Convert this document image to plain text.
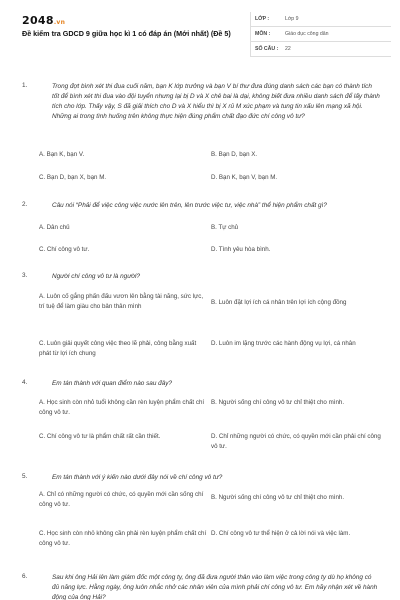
2048.vn
Đề kiểm tra GDCD 9 giữa học kì 1 có đáp án (Mới nhất) (Đề 5)
LỚP :	Lớp 9
MÔN :	Giáo dục công dân
SỐ CÂU :	22
1.	Trong đợt bình xét thi đua cuối năm, bạn K lớp trưởng và bạn V bí thư đưa đúng danh sách các bạn có thành tích tốt để bình xét thi đua vào đội tuyển nhưng lại bị D và X chê bai là dại, không biết đưa nhiều danh sách để lấy thành tích cho lớp. Thấy vậy, S đã giải thích cho D và X hiểu thì bị X rủ M xúc phạm và tung tin xấu lên mạng xã hội. Những ai trong tình huống trên không thực hiện đúng phẩm chất đạo đức chí công vô tư?
A. Bạn K, bạn V.	B. Bạn D, bạn X.
C. Bạn D, bạn X, bạn M.	D. Bạn K, bạn V, bạn M.
2.	Câu nói “Phải để việc công việc nước lên trên, lên trước việc tư, việc nhà” thể hiện phẩm chất gì?
A. Dân chủ	B. Tự chủ
C. Chí công vô tư.	D. Tình yêu hòa bình.
3.	Người chí công vô tư là người?
A. Luôn cố gắng phấn đấu vươn lên bằng tài năng, sức lực, trí tuệ để làm giàu cho bản thân mình	B. Luôn đặt lợi ích cá nhân trên lợi ích cộng đồng
C. Luôn giải quyết công việc theo lẽ phải, công bằng xuất phát từ lợi ích chung
D. Luôn im lặng trước các hành động vụ lợi, cá nhân
4.	Em tán thành với quan điểm nào sau đây?
A. Học sinh còn nhỏ tuổi không cần rèn luyện phẩm chất chí công vô tư.
B. Người sống chí công vô tư chỉ thiệt cho mình.
C. Chí công vô tư là phẩm chất rất cần thiết.	D. Chỉ những người có chức, có quyền mới cần phải chí công vô tư.
5.	Em tán thành với ý kiến nào dưới đây nói về chí công vô tư?
A. Chỉ có những người có chức, có quyền mới cần sống chí công vô tư.
B. Người sống chí công vô tư chỉ thiệt cho mình.
C. Học sinh còn nhỏ không cần phải rèn luyện phẩm chất chí công vô tư.
D. Chí công vô tư thể hiện ở cả lời nói và việc làm.
6.	Sau khi ông Hải lên làm giám đốc một công ty, ông đã đưa người thân vào làm việc trong công ty dù họ không có đủ năng lực. Hằng ngày, ông luôn nhắc nhở các nhân viên của mình phải chí công vô tư. Em hãy nhận xét về hành động của ông Hải?
